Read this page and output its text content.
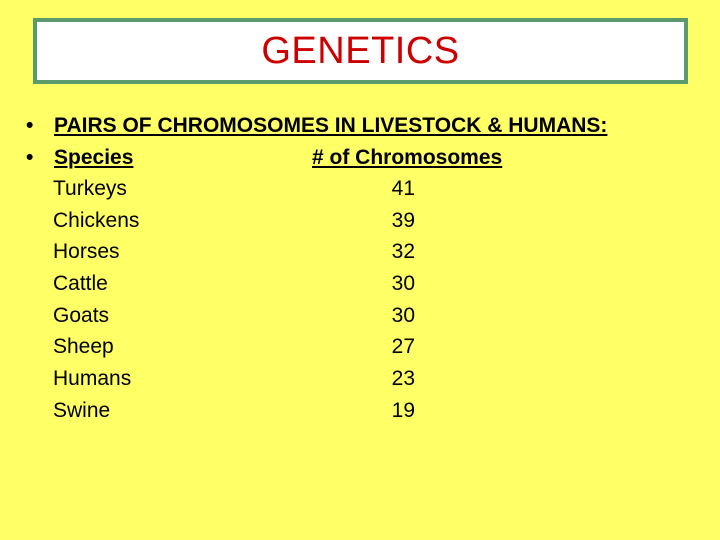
GENETICS
• PAIRS OF CHROMOSOMES IN LIVESTOCK & HUMANS:
• Species	# of Chromosomes
Turkeys	41
Chickens	39
Horses	32
Cattle	30
Goats	30
Sheep	27
Humans	23
Swine	19
